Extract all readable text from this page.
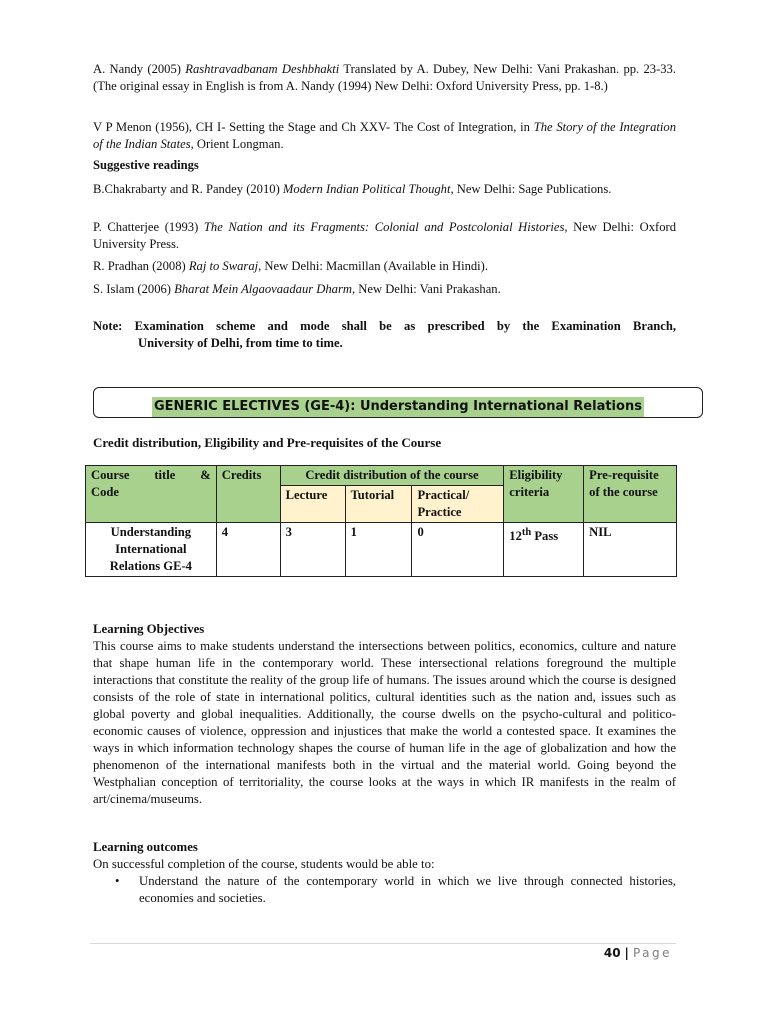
A. Nandy (2005) Rashtravadbanam Deshbhakti Translated by A. Dubey, New Delhi: Vani Prakashan. pp. 23-33. (The original essay in English is from A. Nandy (1994) New Delhi: Oxford University Press, pp. 1-8.)

V P Menon (1956), CH I- Setting the Stage and Ch XXV- The Cost of Integration, in The Story of the Integration of the Indian States, Orient Longman.

Suggestive readings

B.Chakrabarty and R. Pandey (2010) Modern Indian Political Thought, New Delhi: Sage Publications.

P. Chatterjee (1993) The Nation and its Fragments: Colonial and Postcolonial Histories, New Delhi: Oxford University Press.

R. Pradhan (2008) Raj to Swaraj, New Delhi: Macmillan (Available in Hindi).

S. Islam (2006) Bharat Mein Algaovaadaur Dharm, New Delhi: Vani Prakashan.

Note: Examination scheme and mode shall be as prescribed by the Examination Branch,
University of Delhi, from time to time.
GENERIC ELECTIVES (GE-4): Understanding International Relations
Credit distribution, Eligibility and Pre-requisites of the Course
Course title &
Code	Credits	Credit distribution of the course			Eligibility criteria	Pre-requisite of the course
		Lecture	Tutorial	Practical/ Practice		
Understanding International Relations GE-4	4	3	1	0	12th Pass	NIL
Learning Objectives

This course aims to make students understand the intersections between politics, economics, culture and nature that shape human life in the contemporary world. These intersectional relations foreground the multiple interactions that constitute the reality of the group life of humans. The issues around which the course is designed consists of the role of state in international politics, cultural identities such as the nation and, issues such as global poverty and global inequalities. Additionally, the course dwells on the psycho-cultural and politico-economic causes of violence, oppression and injustices that make the world a contested space. It examines the ways in which information technology shapes the course of human life in the age of globalization and how the phenomenon of the international manifests both in the virtual and the material world. Going beyond the Westphalian conception of territoriality, the course looks at the ways in which IR manifests in the realm of art/cinema/museums.

Learning outcomes

On successful completion of the course, students would be able to:

• Understand the nature of the contemporary world in which we live through connected histories, economies and societies.
40 | Page
